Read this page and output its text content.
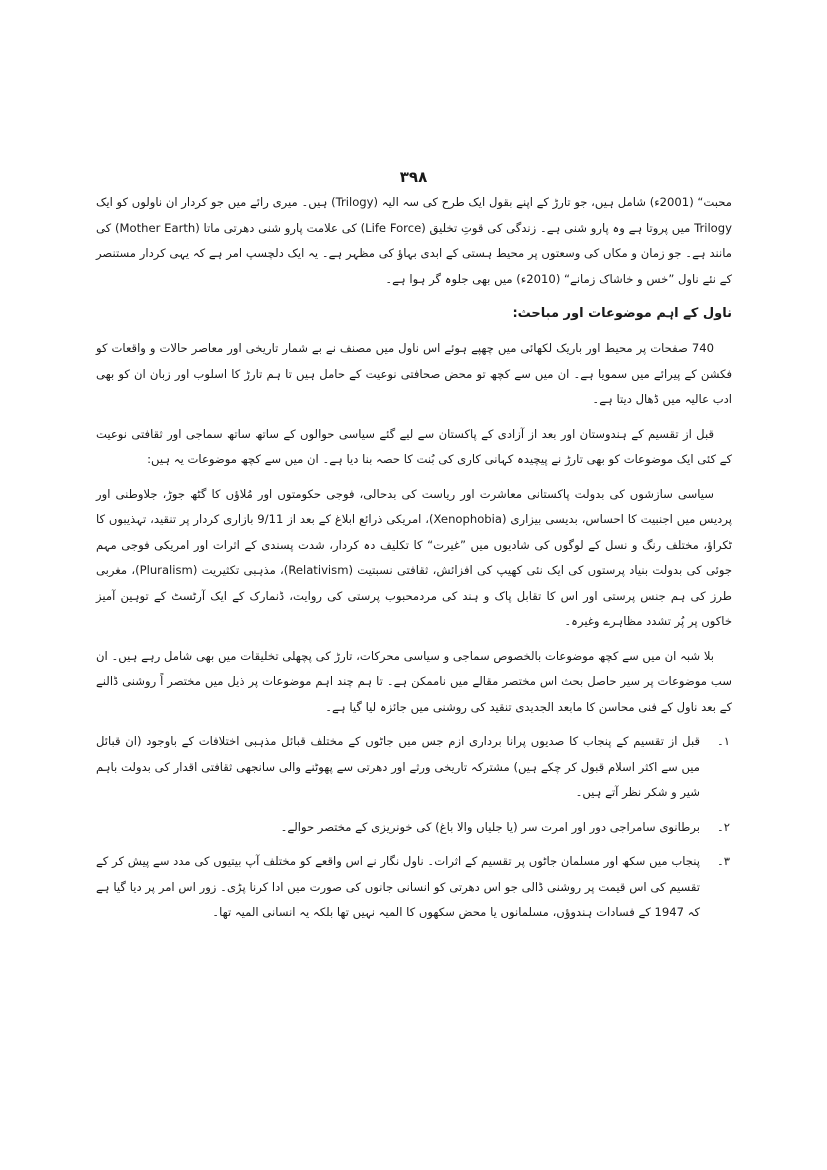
۳۹۸

محبت“ (2001ء) شامل ہیں، جو تارڑ کے اپنے بقول ایک طرح کی سہ الیہ (Trilogy) ہیں۔ میری رائے میں جو کردار ان ناولوں کو ایک Trilogy میں پروتا ہے وہ پارو شنی ہے۔ زندگی کی قوتِ تخلیق (Life Force) کی علامت پارو شنی دھرتی ماتا (Mother Earth) کی مانند ہے۔ جو زمان و مکاں کی وسعتوں پر محیط ہستی کے ابدی بہاؤ کی مظہر ہے۔ یہ ایک دلچسپ امر ہے کہ یہی کردار مستنصر کے نئے ناول ”خس و خاشاک زمانے“ (2010ء) میں بھی جلوہ گر ہوا ہے۔

ناول کے اہم موضوعات اور مباحث:

740 صفحات پر محیط اور باریک لکھائی میں چھپے ہوئے اس ناول میں مصنف نے بے شمار تاریخی اور معاصر حالات و واقعات کو فکشن کے پیرائے میں سمویا ہے۔ ان میں سے کچھ تو محض صحافتی نوعیت کے حامل ہیں تا ہم تارڑ کا اسلوب اور زبان ان کو بھی ادب عالیہ میں ڈھال دیتا ہے۔

قبل از تقسیم کے ہندوستان اور بعد از آزادی کے پاکستان سے لیے گئے سیاسی حوالوں کے ساتھ ساتھ سماجی اور ثقافتی نوعیت کے کئی ایک موضوعات کو بھی تارڑ نے پیچیدہ کہانی کاری کی بُنت کا حصہ بنا دیا ہے۔ ان میں سے کچھ موضوعات یہ ہیں:

سیاسی سازشوں کی بدولت پاکستانی معاشرت اور ریاست کی بدحالی، فوجی حکومتوں اور مُلاؤں کا گٹھ جوڑ، جلاوطنی اور پردیس میں اجنبیت کا احساس، بدیسی بیزاری (Xenophobia)، امریکی ذرائع ابلاغ کے بعد از 9/11 بازاری کردار پر تنقید، تہذیبوں کا ٹکراؤ، مختلف رنگ و نسل کے لوگوں کی شادیوں میں ”غیرت“ کا تکلیف دہ کردار، شدت پسندی کے اثرات اور امریکی فوجی مہم جوئی کی بدولت بنیاد پرستوں کی ایک نئی کھیپ کی افزائش، ثقافتی نسبتیت (Relativism)، مذہبی تکثیریت (Pluralism)، مغربی طرز کی ہم جنس پرستی اور اس کا تقابل پاک و ہند کی مردمحبوب پرستی کی روایت، ڈنمارک کے ایک آرٹسٹ کے توہین آمیز خاکوں پر پُر تشدد مظاہرے وغیرہ۔

بلا شبہ ان میں سے کچھ موضوعات بالخصوص سماجی و سیاسی محرکات، تارڑ کی پچھلی تخلیقات میں بھی شامل رہے ہیں۔ ان سب موضوعات پر سیر حاصل بحث اس مختصر مقالے میں ناممکن ہے۔ تا ہم چند اہم موضوعات پر ذیل میں مختصر اً روشنی ڈالنے کے بعد ناول کے فنی محاسن کا مابعد الجدیدی تنقید کی روشنی میں جائزہ لیا گیا ہے۔

۱۔
قبل از تقسیم کے پنجاب کا صدیوں پرانا برداری ازم جس میں جاٹوں کے مختلف قبائل مذہبی اختلافات کے باوجود (ان قبائل میں سے اکثر اسلام قبول کر چکے ہیں) مشترکہ تاریخی ورثے اور دھرتی سے پھوٹنے والی سانجھی ثقافتی اقدار کی بدولت باہم شیر و شکر نظر آتے ہیں۔
۲۔
برطانوی سامراجی دور اور امرت سر (یا جلیاں والا باغ) کی خونریزی کے مختصر حوالے۔
۳۔
پنجاب میں سکھ اور مسلمان جاٹوں پر تقسیم کے اثرات۔ ناول نگار نے اس واقعے کو مختلف آپ بیتیوں کی مدد سے پیش کر کے تقسیم کی اس قیمت پر روشنی ڈالی جو اس دھرتی کو انسانی جانوں کی صورت میں ادا کرنا پڑی۔ زور اس امر پر دیا گیا ہے کہ 1947 کے فسادات ہندوؤں، مسلمانوں یا محض سکھوں کا المیہ نہیں تھا بلکہ یہ انسانی المیہ تھا۔
